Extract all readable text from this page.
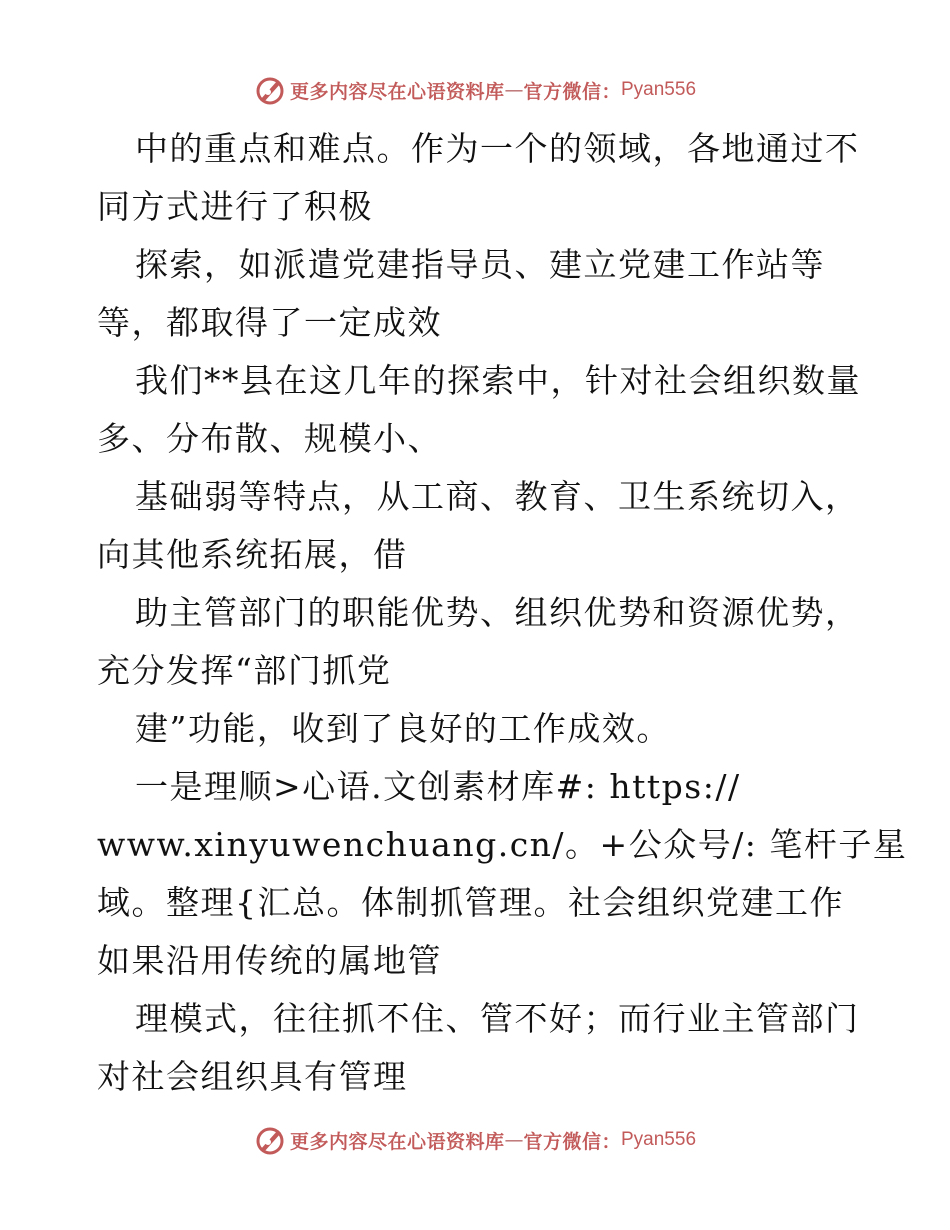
更多内容尽在心语资料库 — 官方微信： Pyan556
中的重点和难点。作为一个的领域，各地通过不
同方式进行了积极
探索，如派遣党建指导员、建立党建工作站等
等，都取得了一定成效
我们**县在这几年的探索中，针对社会组织数量
多、分布散、规模小、
基础弱等特点，从工商、教育、卫生系统切入，
向其他系统拓展，借
助主管部门的职能优势、组织优势和资源优势，
充分发挥“部门抓党
建”功能，收到了良好的工作成效。
一是理顺>心语.文创素材库#: https://
www.xinyuwenchuang.cn/。+公众号/: 笔杆子星
域。整理{汇总。体制抓管理。社会组织党建工作
如果沿用传统的属地管
理模式，往往抓不住、管不好；而行业主管部门
对社会组织具有管理
更多内容尽在心语资料库 — 官方微信： Pyan556
